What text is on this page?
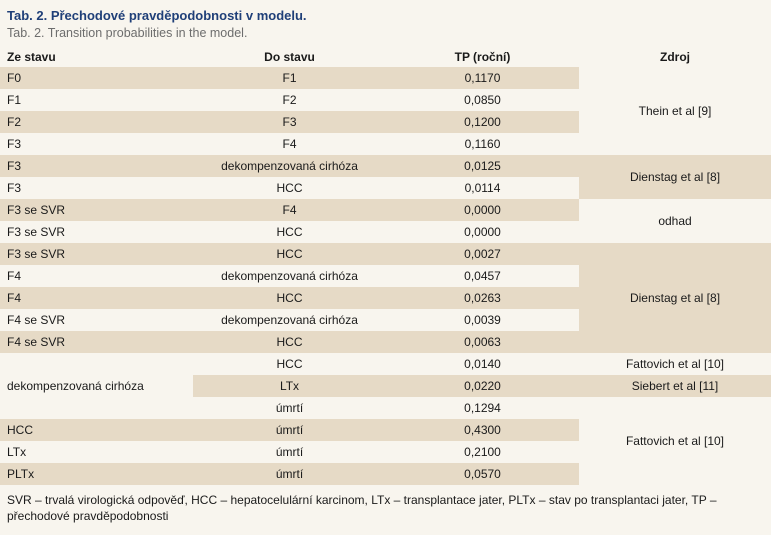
Tab. 2. Přechodové pravděpodobnosti v modelu.
Tab. 2. Transition probabilities in the model.
Ze stavu	Do stavu	TP (roční)	Zdroj
F0	F1	0,1170	Thein et al [9]
F1	F2	0,0850	
F2	F3	0,1200	
F3	F4	0,1160	
F3	dekompenzovaná cirhóza	0,0125	Dienstag et al [8]
F3	HCC	0,0114	
F3 se SVR	F4	0,0000	odhad
F3 se SVR	HCC	0,0000	
F3 se SVR	HCC	0,0027	Dienstag et al [8]
F4	dekompenzovaná cirhóza	0,0457	
F4	HCC	0,0263	
F4 se SVR	dekompenzovaná cirhóza	0,0039	
F4 se SVR	HCC	0,0063	
dekompenzovaná cirhóza	HCC	0,0140	Fattovich et al [10]
	LTx	0,0220	Siebert et al [11]
	úmrtí	0,1294	Fattovich et al [10]
HCC	úmrtí	0,4300	
LTx	úmrtí	0,2100	
PLTx	úmrtí	0,0570	
SVR – trvalá virologická odpověď, HCC – hepatocelulární karcinom, LTx – transplantace jater, PLTx – stav po transplantaci jater, TP – přechodové pravděpodobnosti
